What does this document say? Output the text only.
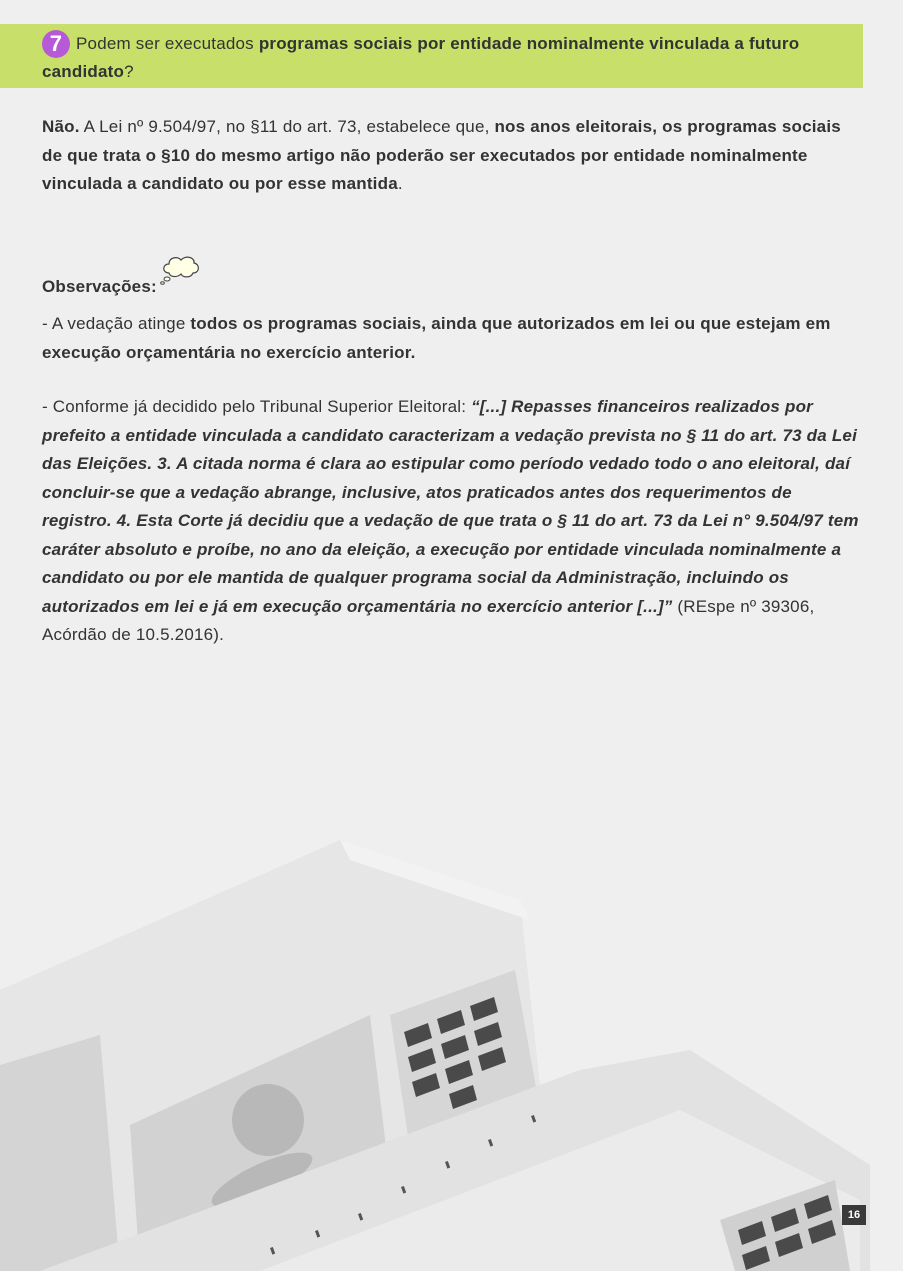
7 Podem ser executados programas sociais por entidade nominalmente vinculada a futuro candidato?
Não. A Lei nº 9.504/97, no §11 do art. 73, estabelece que, nos anos eleitorais, os programas sociais de que trata o §10 do mesmo artigo não poderão ser executados por entidade nominalmente vinculada a candidato ou por esse mantida.
Observações:
- A vedação atinge todos os programas sociais, ainda que autorizados em lei ou que estejam em execução orçamentária no exercício anterior.
- Conforme já decidido pelo Tribunal Superior Eleitoral: “[...] Repasses financeiros realizados por prefeito a entidade vinculada a candidato caracterizam a vedação prevista no § 11 do art. 73 da Lei das Eleições. 3. A citada norma é clara ao estipular como período vedado todo o ano eleitoral, daí concluir-se que a vedação abrange, inclusive, atos praticados antes dos requerimentos de registro. 4. Esta Corte já decidiu que a vedação de que trata o § 11 do art. 73 da Lei n° 9.504/97 tem caráter absoluto e proíbe, no ano da eleição, a execução por entidade vinculada nominalmente a candidato ou por ele mantida de qualquer programa social da Administração, incluindo os autorizados em lei e já em execução orçamentária no exercício anterior [...]” (REspe nº 39306, Acórdão de 10.5.2016).
16
